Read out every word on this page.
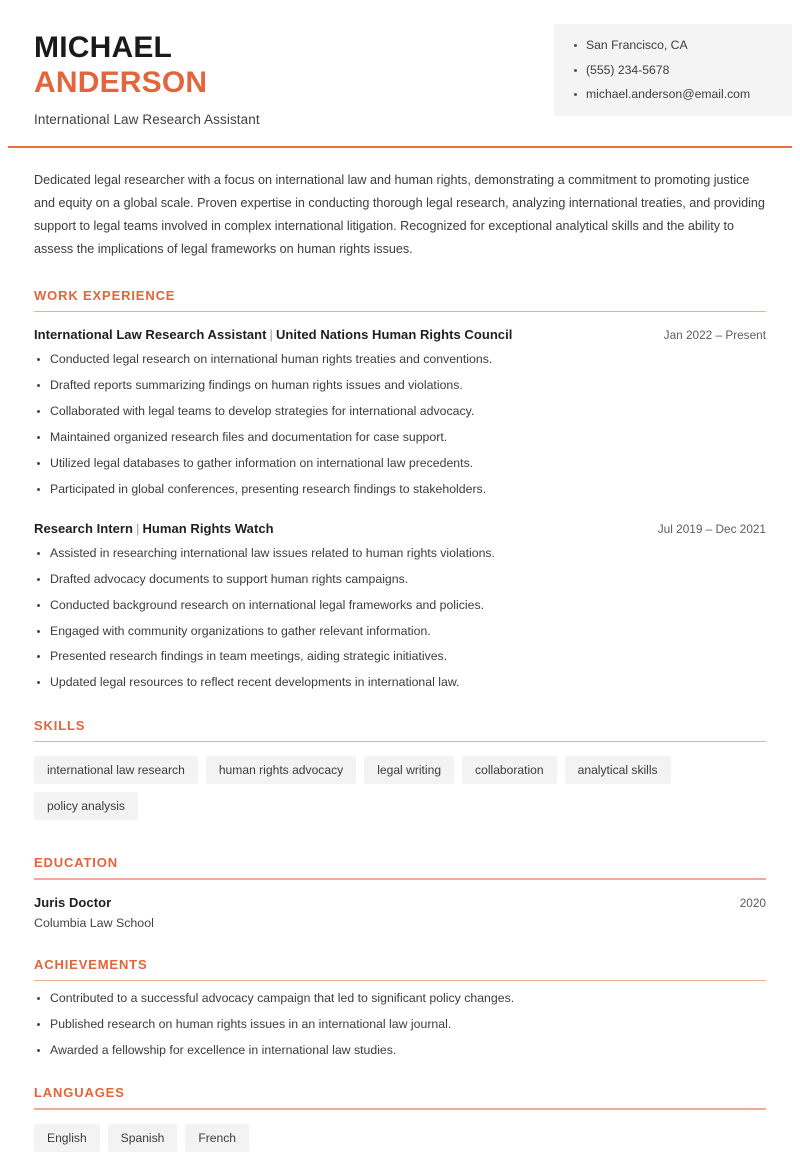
MICHAEL
ANDERSON
International Law Research Assistant
San Francisco, CA
(555) 234-5678
michael.anderson@email.com

Dedicated legal researcher with a focus on international law and human rights, demonstrating a commitment to promoting justice and equity on a global scale. Proven expertise in conducting thorough legal research, analyzing international treaties, and providing support to legal teams involved in complex international litigation. Recognized for exceptional analytical skills and the ability to assess the implications of legal frameworks on human rights issues.

WORK EXPERIENCE
International Law Research Assistant | United Nations Human Rights Council	Jan 2022 – Present
Conducted legal research on international human rights treaties and conventions.
Drafted reports summarizing findings on human rights issues and violations.
Collaborated with legal teams to develop strategies for international advocacy.
Maintained organized research files and documentation for case support.
Utilized legal databases to gather information on international law precedents.
Participated in global conferences, presenting research findings to stakeholders.
Research Intern | Human Rights Watch	Jul 2019 – Dec 2021
Assisted in researching international law issues related to human rights violations.
Drafted advocacy documents to support human rights campaigns.
Conducted background research on international legal frameworks and policies.
Engaged with community organizations to gather relevant information.
Presented research findings in team meetings, aiding strategic initiatives.
Updated legal resources to reflect recent developments in international law.
SKILLS
international law research	human rights advocacy	legal writing	collaboration	analytical skills
policy analysis
EDUCATION
Juris Doctor	2020
Columbia Law School
ACHIEVEMENTS
Contributed to a successful advocacy campaign that led to significant policy changes.
Published research on human rights issues in an international law journal.
Awarded a fellowship for excellence in international law studies.
LANGUAGES
English	Spanish	French
